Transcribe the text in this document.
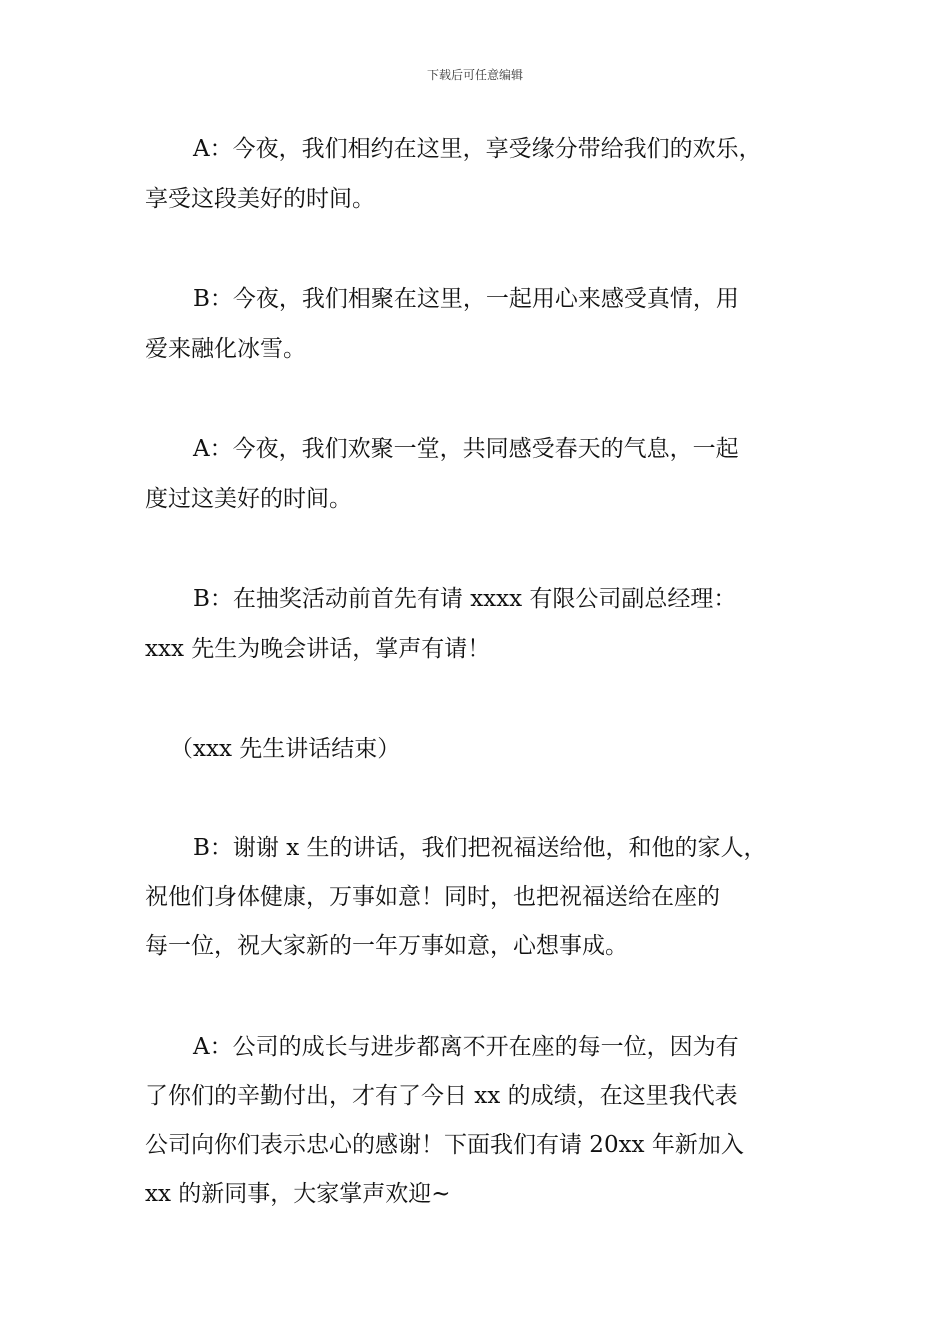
下载后可任意编辑
A：今夜，我们相约在这里，享受缘分带给我们的欢乐，
享受这段美好的时间。
B：今夜，我们相聚在这里，一起用心来感受真情，用
爱来融化冰雪。
A：今夜，我们欢聚一堂，共同感受春天的气息，一起
度过这美好的时间。
B：在抽奖活动前首先有请 xxxx 有限公司副总经理：
xxx 先生为晚会讲话，掌声有请！
（xxx 先生讲话结束）
B：谢谢 x 生的讲话，我们把祝福送给他，和他的家人，
祝他们身体健康，万事如意！同时，也把祝福送给在座的
每一位，祝大家新的一年万事如意，心想事成。
A：公司的成长与进步都离不开在座的每一位，因为有
了你们的辛勤付出，才有了今日 xx 的成绩，在这里我代表
公司向你们表示忠心的感谢！下面我们有请 20xx 年新加入
xx 的新同事，大家掌声欢迎~
